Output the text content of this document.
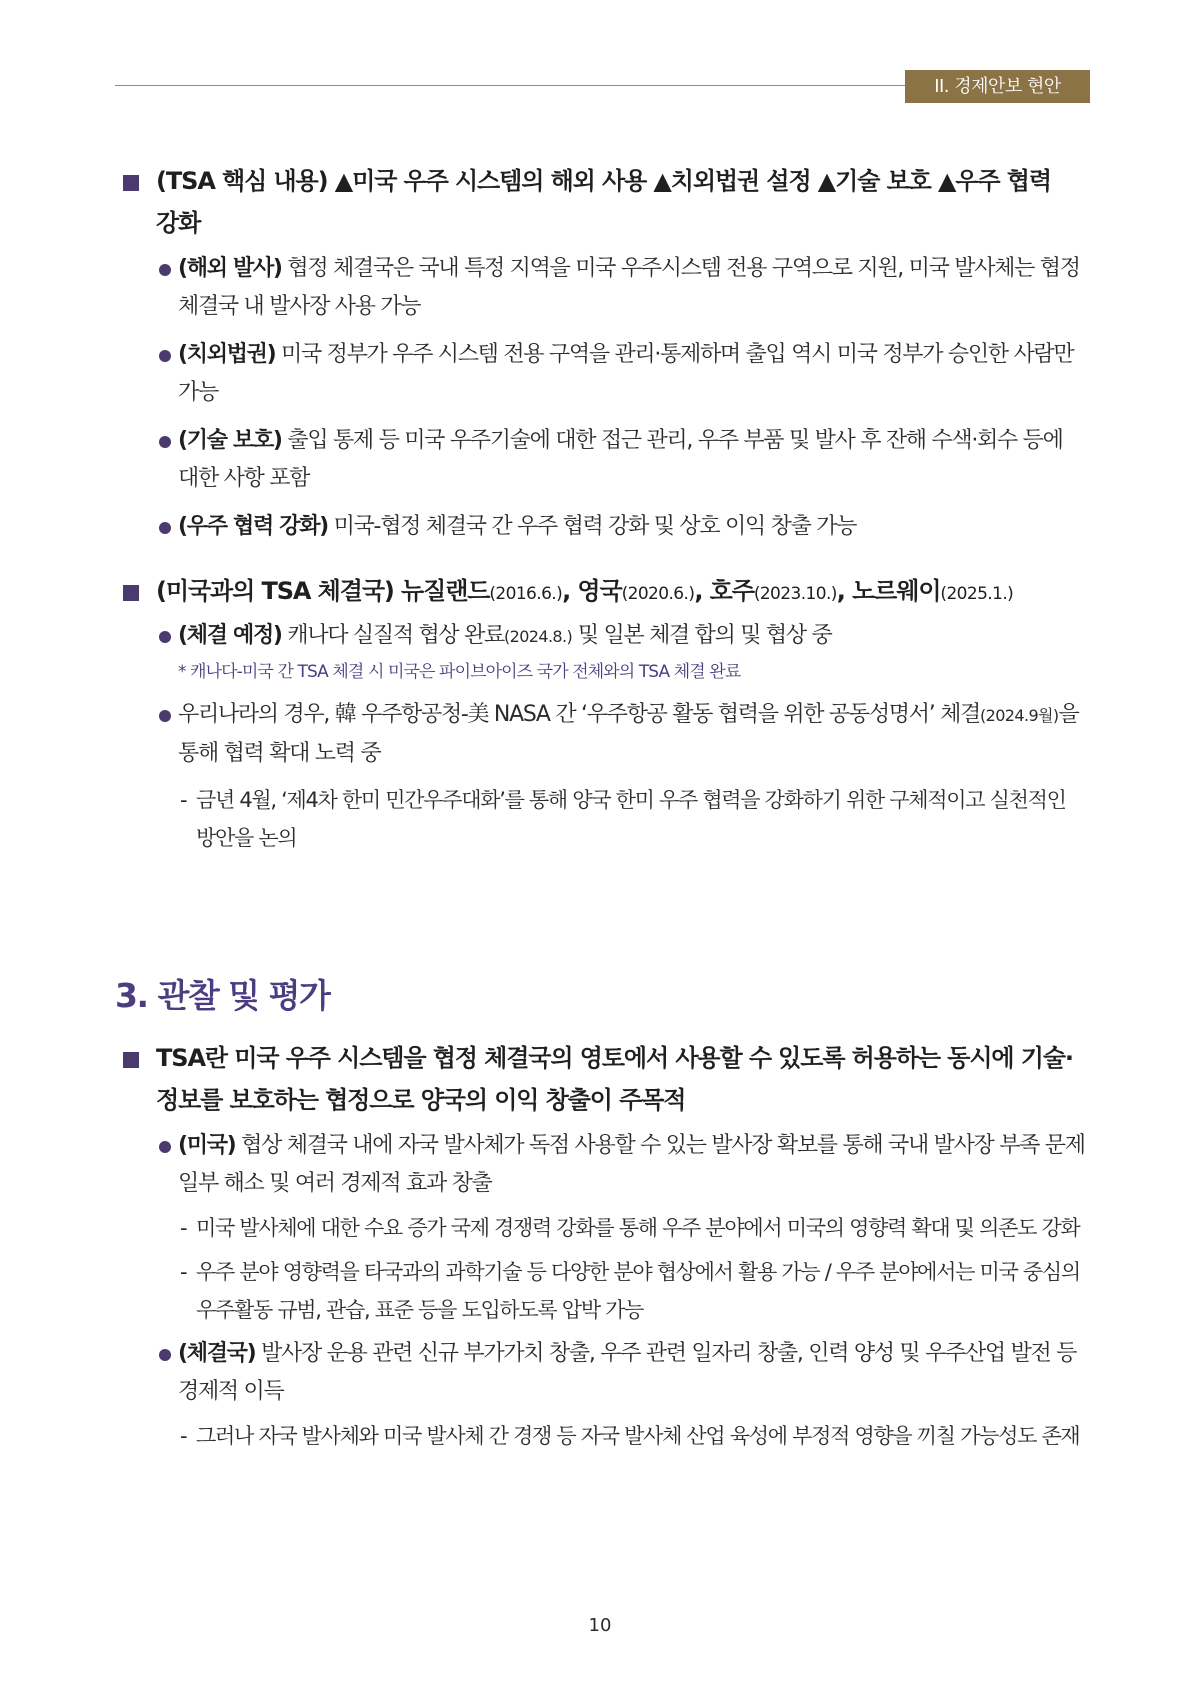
II. 경제안보 현안
(TSA 핵심 내용) ▲미국 우주 시스템의 해외 사용 ▲치외법권 설정 ▲기술 보호 ▲우주 협력 강화
(해외 발사) 협정 체결국은 국내 특정 지역을 미국 우주시스템 전용 구역으로 지원, 미국 발사체는 협정 체결국 내 발사장 사용 가능
(치외법권) 미국 정부가 우주 시스템 전용 구역을 관리·통제하며 출입 역시 미국 정부가 승인한 사람만 가능
(기술 보호) 출입 통제 등 미국 우주기술에 대한 접근 관리, 우주 부품 및 발사 후 잔해 수색·회수 등에 대한 사항 포함
(우주 협력 강화) 미국-협정 체결국 간 우주 협력 강화 및 상호 이익 창출 가능
(미국과의 TSA 체결국) 뉴질랜드(2016.6.), 영국(2020.6.), 호주(2023.10.), 노르웨이(2025.1.)
(체결 예정) 캐나다 실질적 협상 완료(2024.8.) 및 일본 체결 합의 및 협상 중
* 캐나다-미국 간 TSA 체결 시 미국은 파이브아이즈 국가 전체와의 TSA 체결 완료
우리나라의 경우, 韓 우주항공청-美 NASA 간 ‘우주항공 활동 협력을 위한 공동성명서’ 체결(2024.9월)을 통해 협력 확대 노력 중
- 금년 4월, ‘제4차 한미 민간우주대화’를 통해 양국 한미 우주 협력을 강화하기 위한 구체적이고 실천적인 방안을 논의
TSA란 미국 우주 시스템을 협정 체결국의 영토에서 사용할 수 있도록 허용하는 동시에 기술·정보를 보호하는 협정으로 양국의 이익 창출이 주목적
(미국) 협상 체결국 내에 자국 발사체가 독점 사용할 수 있는 발사장 확보를 통해 국내 발사장 부족 문제 일부 해소 및 여러 경제적 효과 창출
- 미국 발사체에 대한 수요 증가 국제 경쟁력 강화를 통해 우주 분야에서 미국의 영향력 확대 및 의존도 강화
- 우주 분야 영향력을 타국과의 과학기술 등 다양한 분야 협상에서 활용 가능 / 우주 분야에서는 미국 중심의 우주활동 규범, 관습, 표준 등을 도입하도록 압박 가능
(체결국) 발사장 운용 관련 신규 부가가치 창출, 우주 관련 일자리 창출, 인력 양성 및 우주산업 발전 등 경제적 이득
- 그러나 자국 발사체와 미국 발사체 간 경쟁 등 자국 발사체 산업 육성에 부정적 영향을 끼칠 가능성도 존재
3. 관찰 및 평가
10
